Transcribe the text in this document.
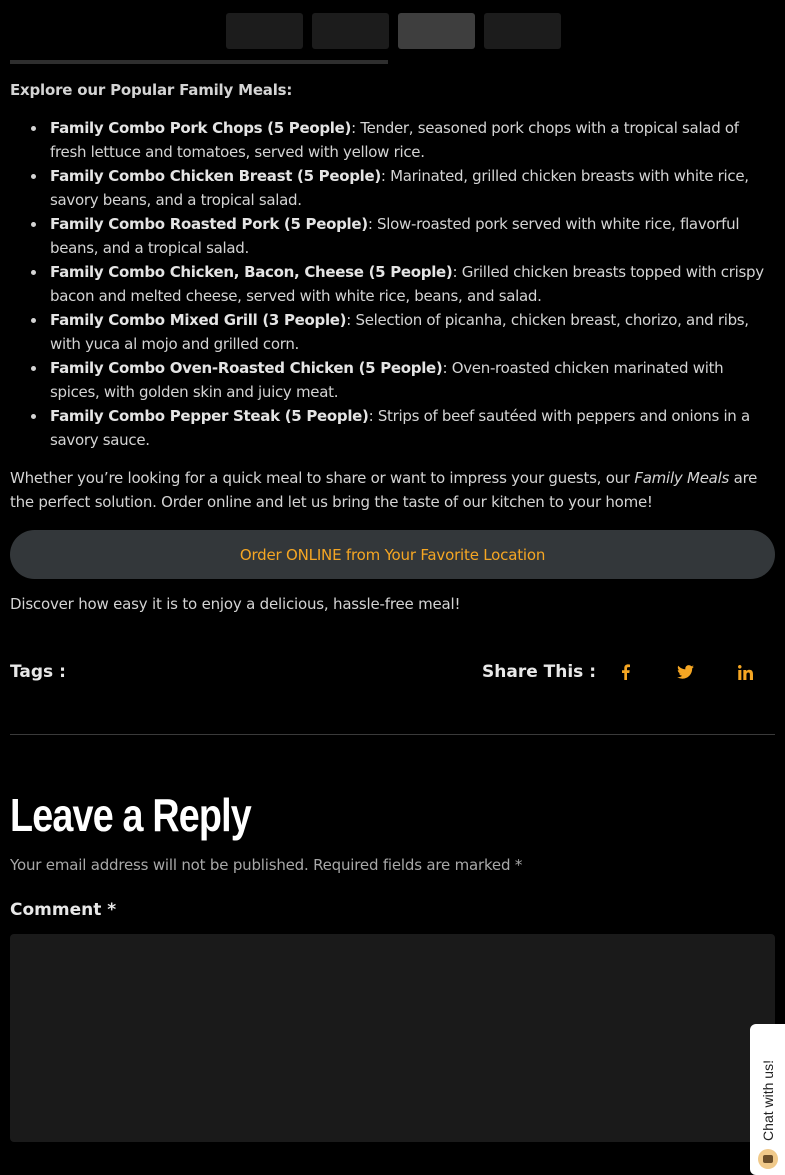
Explore our Popular Family Meals:

Family Combo Pork Chops (5 People): Tender, seasoned pork chops with a tropical salad of fresh lettuce and tomatoes, served with yellow rice.
Family Combo Chicken Breast (5 People): Marinated, grilled chicken breasts with white rice, savory beans, and a tropical salad.
Family Combo Roasted Pork (5 People): Slow-roasted pork served with white rice, flavorful beans, and a tropical salad.
Family Combo Chicken, Bacon, Cheese (5 People): Grilled chicken breasts topped with crispy bacon and melted cheese, served with white rice, beans, and salad.
Family Combo Mixed Grill (3 People): Selection of picanha, chicken breast, chorizo, and ribs, with yuca al mojo and grilled corn.
Family Combo Oven-Roasted Chicken (5 People): Oven-roasted chicken marinated with spices, with golden skin and juicy meat.
Family Combo Pepper Steak (5 People): Strips of beef sautéed with peppers and onions in a savory sauce.

Whether you’re looking for a quick meal to share or want to impress your guests, our Family Meals are the perfect solution. Order online and let us bring the taste of our kitchen to your home!

Order ONLINE from Your Favorite Location

Discover how easy it is to enjoy a delicious, hassle-free meal!

Tags :	Share This :
Leave a Reply

Your email address will not be published. Required fields are marked *

Comment *
Chat with us!
